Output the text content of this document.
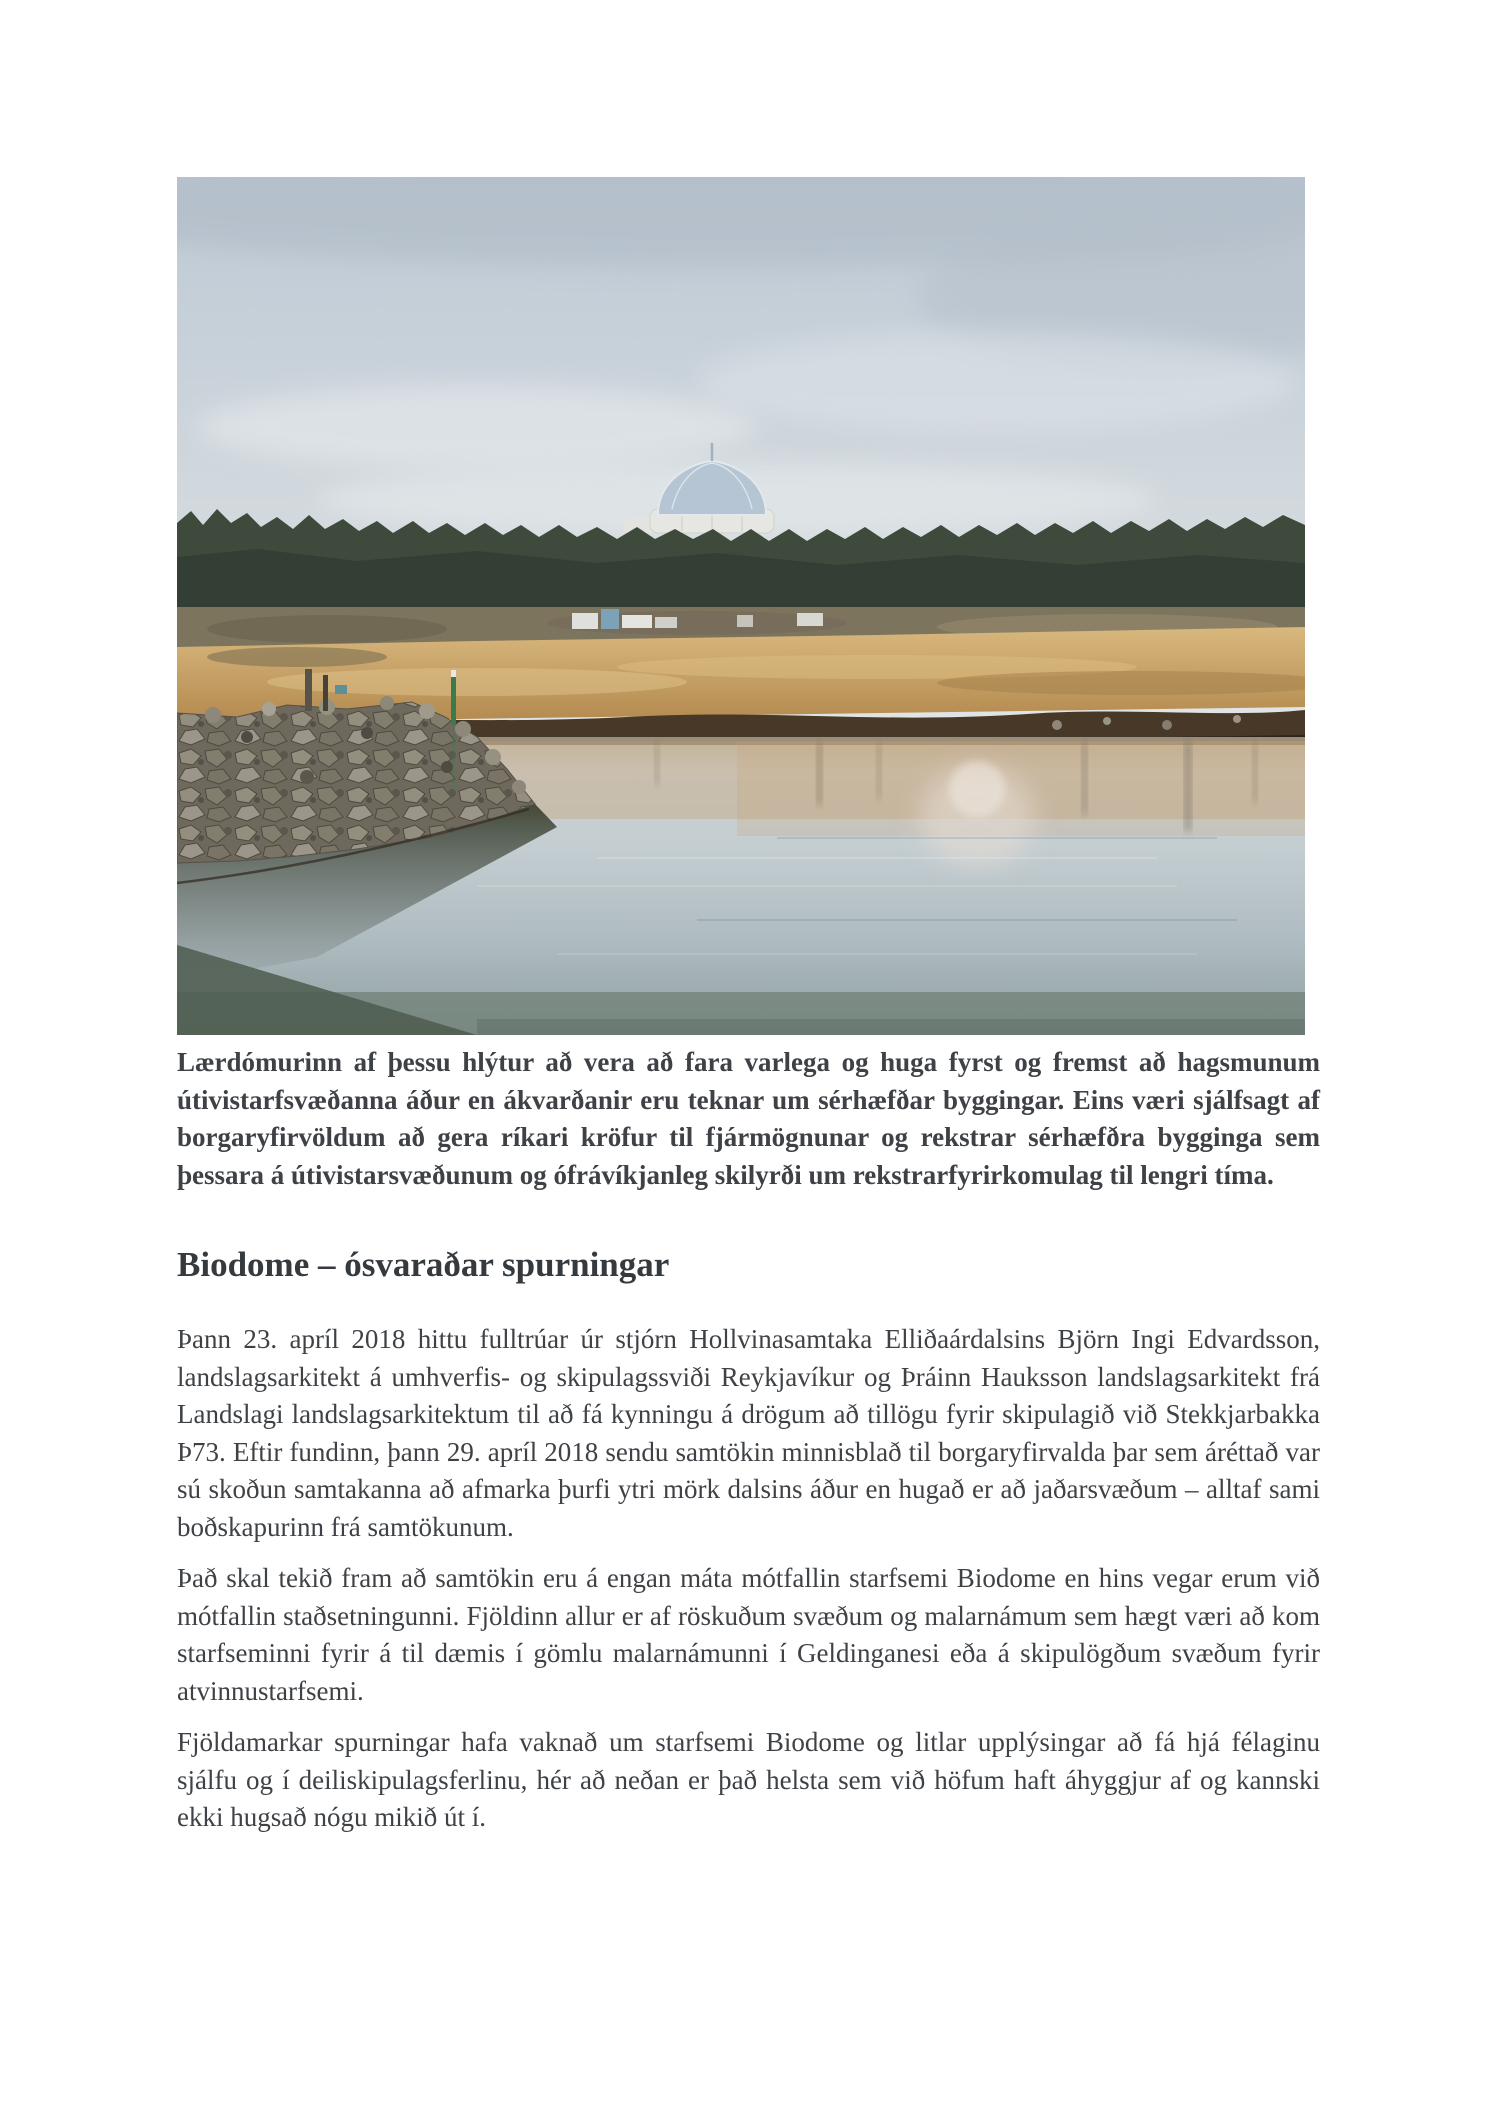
Lærdómurinn af þessu hlýtur að vera að fara varlega og huga fyrst og fremst að hagsmunum útivistarfsvæðanna áður en ákvarðanir eru teknar um sérhæfðar byggingar. Eins væri sjálfsagt af borgaryfirvöldum að gera ríkari kröfur til fjármögnunar og rekstrar sérhæfðra bygginga sem þessara á útivistarsvæðunum og ófrávíkjanleg skilyrði um rekstrarfyrirkomulag til lengri tíma.

Biodome – ósvaraðar spurningar

Þann 23. apríl 2018 hittu fulltrúar úr stjórn Hollvinasamtaka Elliðaárdalsins Björn Ingi Edvardsson, landslagsarkitekt á umhverfis- og skipulagssviði Reykjavíkur og Þráinn Hauksson landslagsarkitekt frá Landslagi landslagsarkitektum til að fá kynningu á drögum að tillögu fyrir skipulagið við Stekkjarbakka Þ73. Eftir fundinn, þann 29. apríl 2018 sendu samtökin minnisblað til borgaryfirvalda þar sem áréttað var sú skoðun samtakanna að afmarka þurfi ytri mörk dalsins áður en hugað er að jaðarsvæðum – alltaf sami boðskapurinn frá samtökunum.

Það skal tekið fram að samtökin eru á engan máta mótfallin starfsemi Biodome en hins vegar erum við mótfallin staðsetningunni. Fjöldinn allur er af röskuðum svæðum og malarnámum sem hægt væri að kom starfseminni fyrir á til dæmis í gömlu malarnámunni í Geldinganesi eða á skipulögðum svæðum fyrir atvinnustarfsemi.

Fjöldamarkar spurningar hafa vaknað um starfsemi Biodome og litlar upplýsingar að fá hjá félaginu sjálfu og í deiliskipulagsferlinu, hér að neðan er það helsta sem við höfum haft áhyggjur af og kannski ekki hugsað nógu mikið út í.
